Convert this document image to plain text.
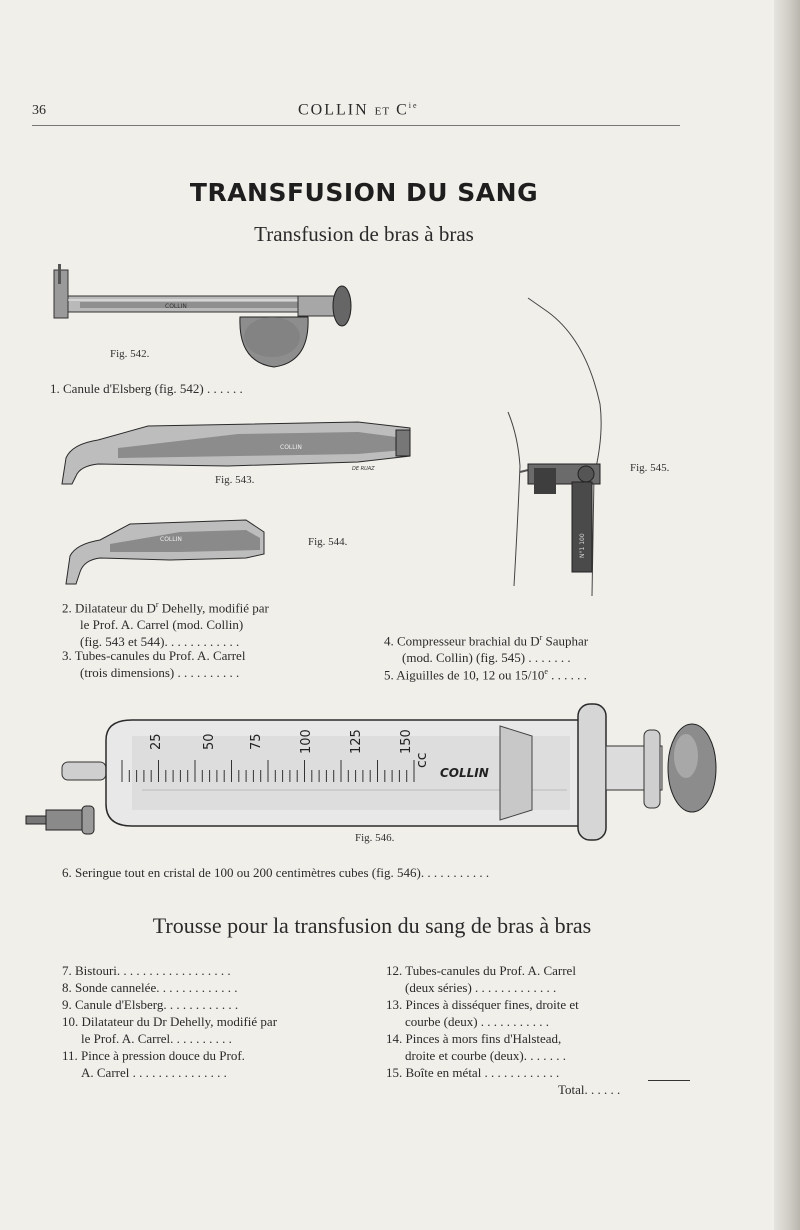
36	COLLIN ET $C^{ie}$
TRANSFUSION DU SANG
Transfusion de bras à bras
COLLIN
Fig. 542.
1. Canule d'Elsberg (fig. 542) . . . . . .
COLLIN
DE RUAZ
Fig. 543.
COLLIN	Fig. 544.	N°1 100
Fig. 545.
2. Dilatateur du $D^r$ Dehelly, modifié par
le Prof. A. Carrel (mod. Collin)
(fig. 543 et 544). . . . . . . . . . . .
3. Tubes-canules du Prof. A. Carrel
(trois dimensions) . . . . . . . . . .
4. Compresseur brachial du $D^r$ Sauphar
(mod. Collin) (fig. 545) . . . . . . .
5. Aiguilles de 10, 12 ou 15/10e . . . . . .
25	50 75	100	125	150
cc
COLLIN
Fig. 546.
6. Seringue tout en cristal de 100 ou 200 centimètres cubes (fig. 546). . . . . . . . . . .
Trousse pour la transfusion du sang de bras à bras
7. Bistouri. . . . . . . . . . . . . . . . . .
8. Sonde cannelée. . . . . . . . . . . . .
9. Canule d'Elsberg. . . . . . . . . . . .
10. Dilatateur du Dr Dehelly, modifié par
le Prof. A. Carrel. . . . . . . . . .
11. Pince à pression douce du Prof.
A. Carrel . . . . . . . . . . . . . . .
12. Tubes-canules du Prof. A. Carrel
(deux séries) . . . . . . . . . . . . .
13. Pinces à disséquer fines, droite et
courbe (deux) . . . . . . . . . . .
14. Pinces à mors fins d'Halstead,
droite et courbe (deux). . . . . . .
15. Boîte en métal . . . . . . . . . . . .
Total. . . . . .
